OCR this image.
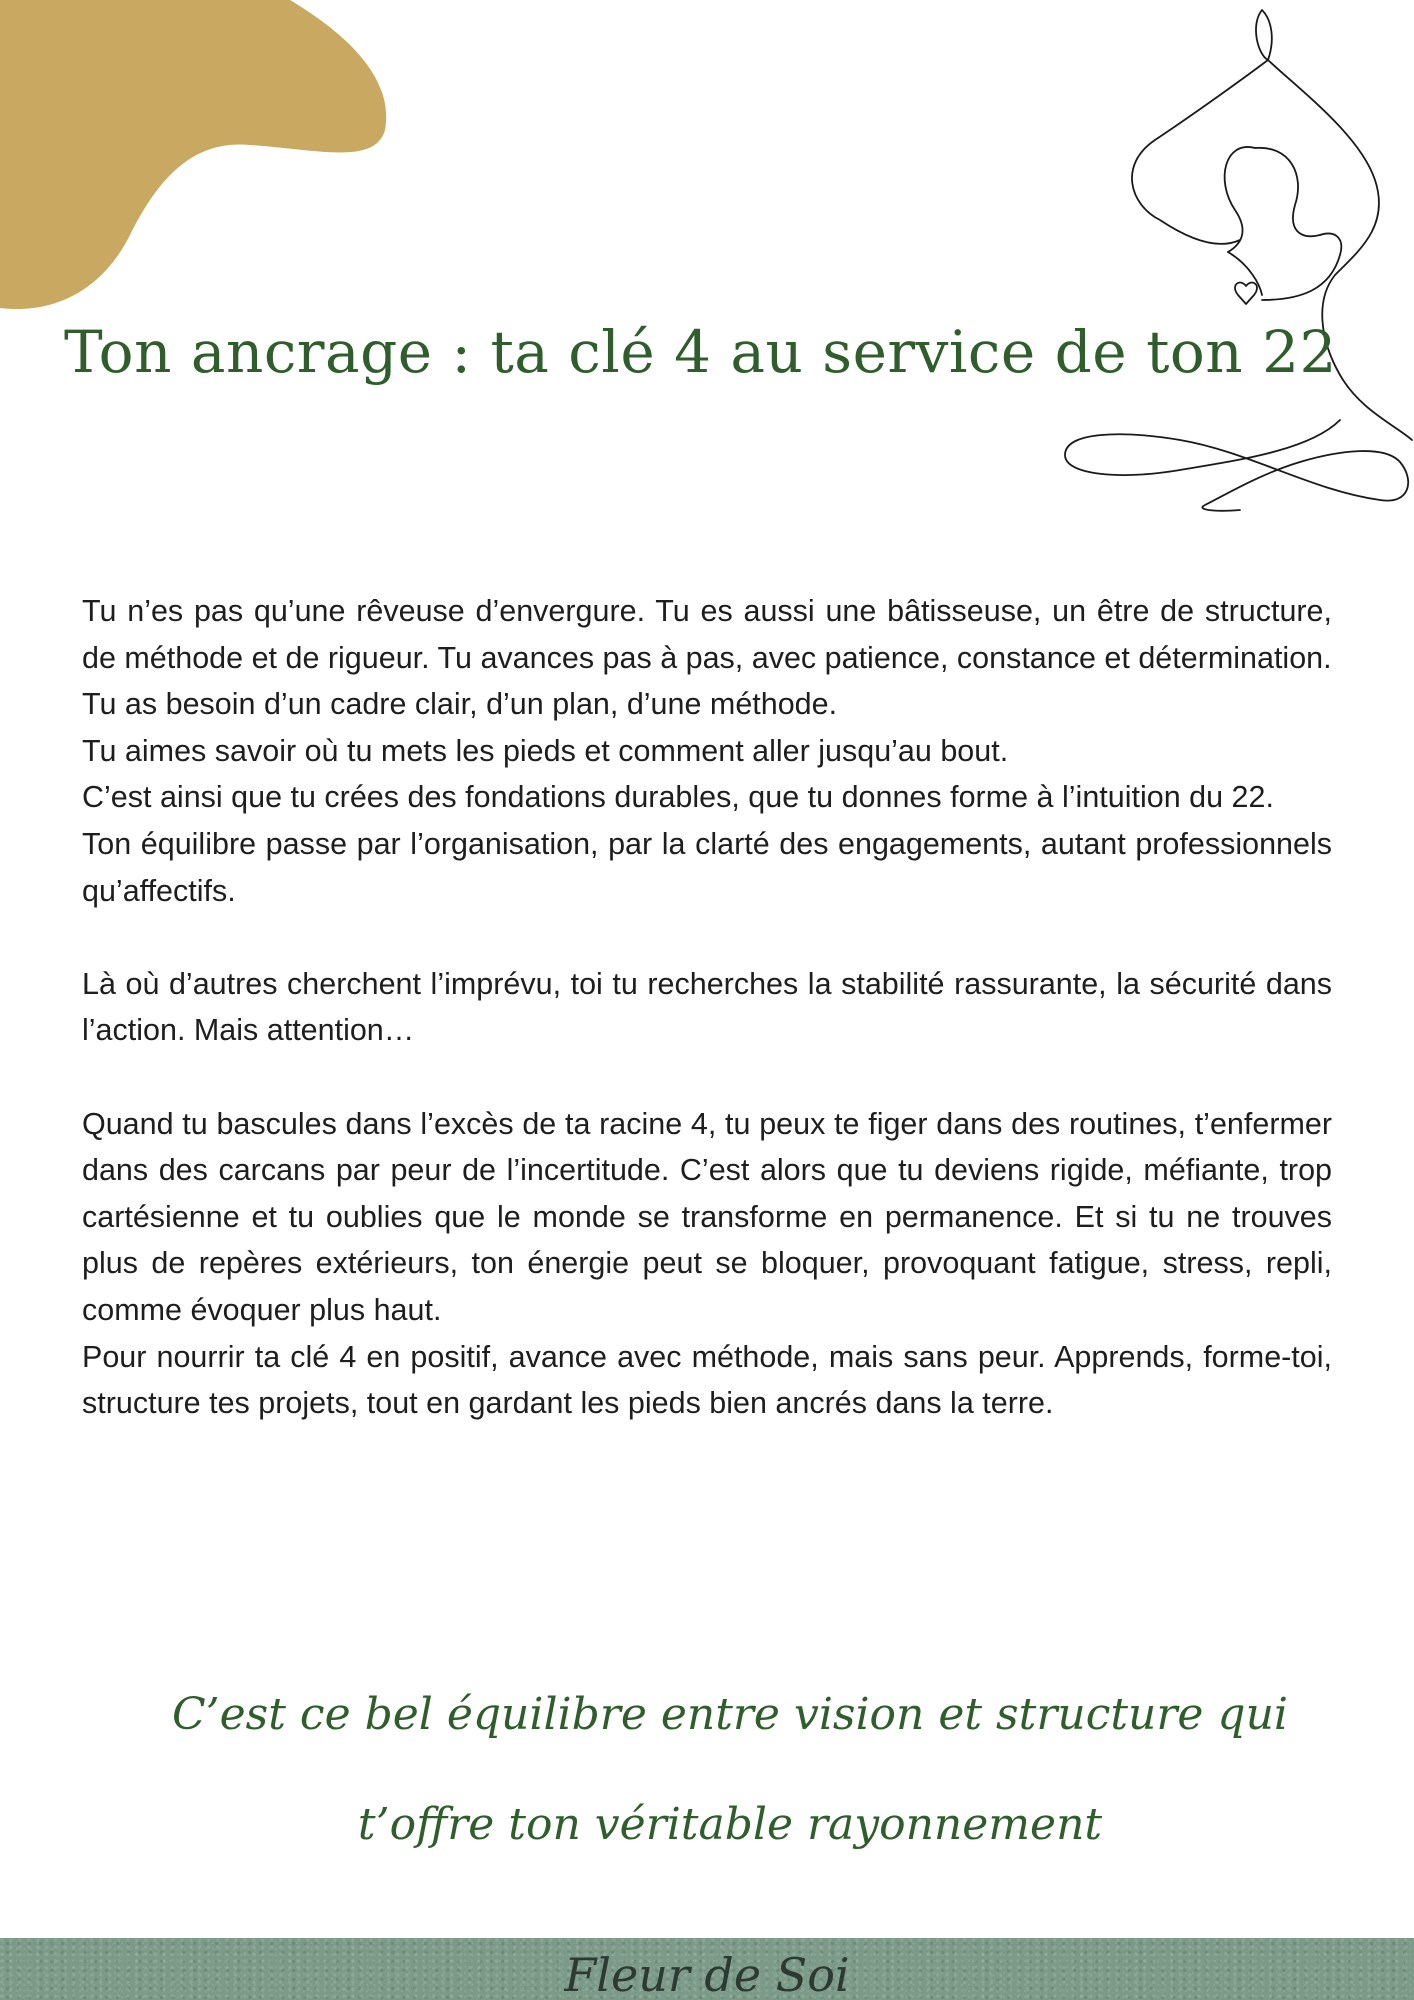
Ton ancrage : ta clé 4 au service de ton 22

Tu n’es pas qu’une rêveuse d’envergure. Tu es aussi une bâtisseuse, un être de structure, de méthode et de rigueur. Tu avances pas à pas, avec patience, constance et détermination.

Tu as besoin d’un cadre clair, d’un plan, d’une méthode.

Tu aimes savoir où tu mets les pieds et comment aller jusqu’au bout.

C’est ainsi que tu crées des fondations durables, que tu donnes forme à l’intuition du 22.

Ton équilibre passe par l’organisation, par la clarté des engagements, autant professionnels qu’affectifs.

Là où d’autres cherchent l’imprévu, toi tu recherches la stabilité rassurante, la sécurité dans l’action. Mais attention…

Quand tu bascules dans l’excès de ta racine 4, tu peux te figer dans des routines, t’enfermer dans des carcans par peur de l’incertitude. C’est alors que tu deviens rigide, méfiante, trop cartésienne et tu oublies que le monde se transforme en permanence. Et si tu ne trouves plus de repères extérieurs, ton énergie peut se bloquer, provoquant fatigue, stress, repli, comme évoquer plus haut.

Pour nourrir ta clé 4 en positif, avance avec méthode, mais sans peur. Apprends, forme-toi, structure tes projets, tout en gardant les pieds bien ancrés dans la terre.

C’est ce bel équilibre entre vision et structure qui t’offre ton véritable rayonnement

Fleur de Soi
